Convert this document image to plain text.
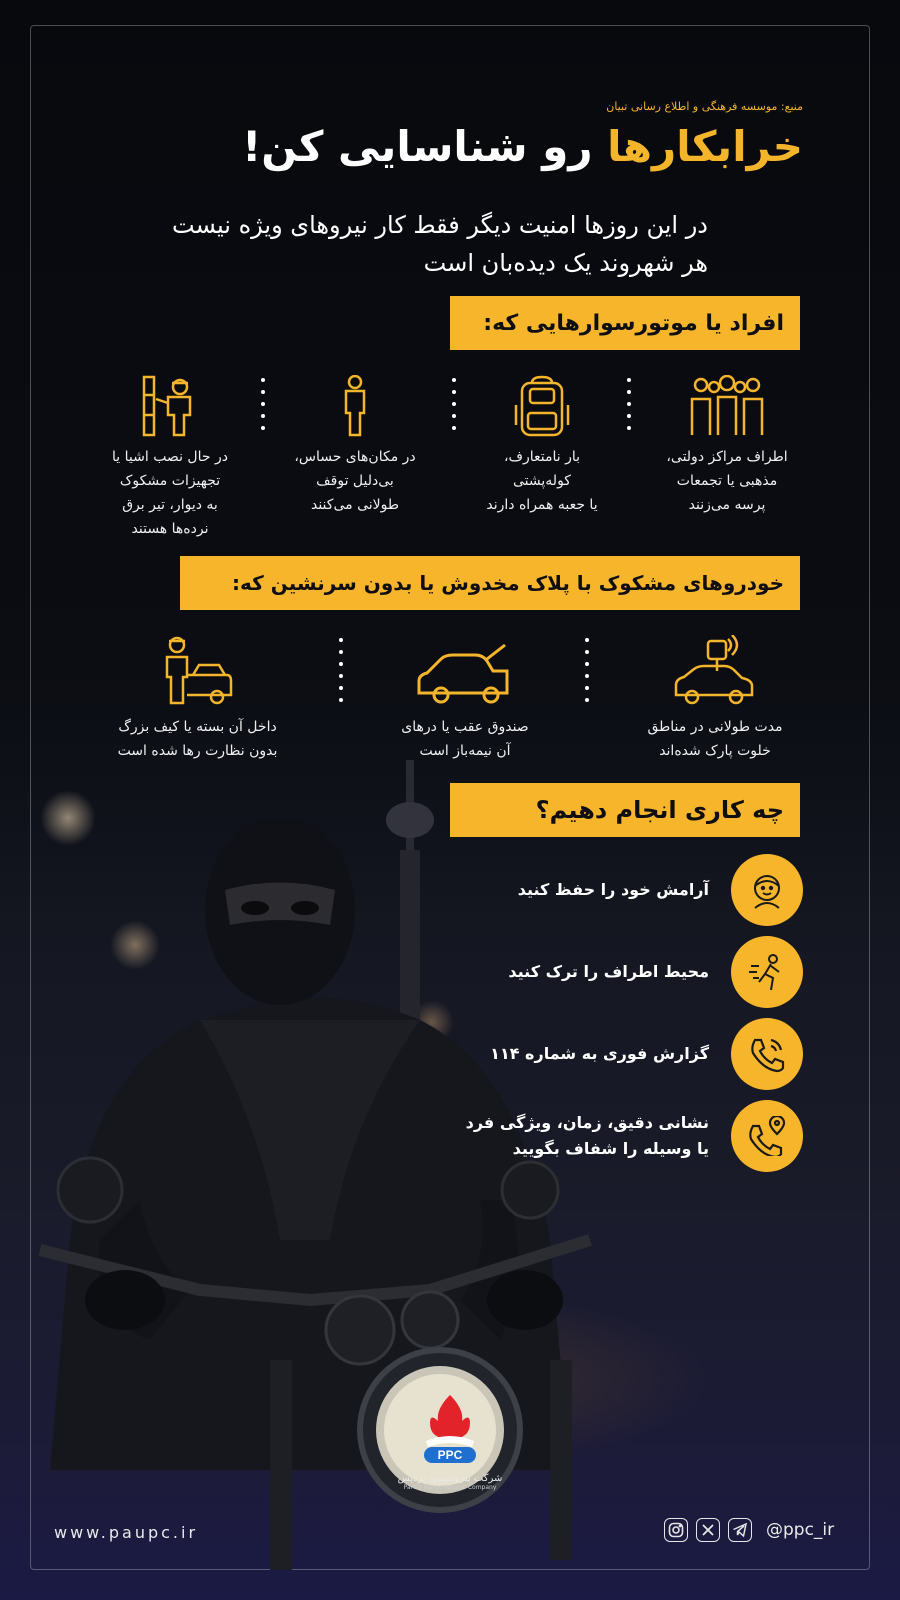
منبع: موسسه فرهنگی و اطلاع رسانی تبیان
خرابکارها رو شناسایی کن!
در این روزها امنیت دیگر فقط کار نیروهای ویژه نیست
هر شهروند یک دیده‌بان است
افراد یا موتورسوارهایی که:
اطراف مراکز دولتی،
مذهبی یا تجمعات
پرسه می‌زنند
بار نامتعارف،
کوله‌پشتی
یا جعبه همراه دارند
در مکان‌های حساس،
بی‌دلیل توقف
طولانی می‌کنند
در حال نصب اشیا یا
تجهیزات مشکوک
به دیوار، تیر برق
نرده‌ها هستند
خودروهای مشکوک با پلاک مخدوش یا بدون سرنشین که:
مدت طولانی در مناطق
خلوت پارک شده‌اند
صندوق عقب یا درهای
آن نیمه‌باز است
داخل آن بسته یا کیف بزرگ
بدون نظارت رها شده است
چه کاری انجام دهیم؟
آرامش خود را حفظ کنید
محیط اطراف را ترک کنید
گزارش فوری به شماره ۱۱۴
نشانی دقیق، زمان، ویژگی فرد
یا وسیله را شفاف بگویید
PPC
شرکت پتروشیمی پردیس
Pardis Petrochemical Company
www.paupc.ir	@ppc_ir
